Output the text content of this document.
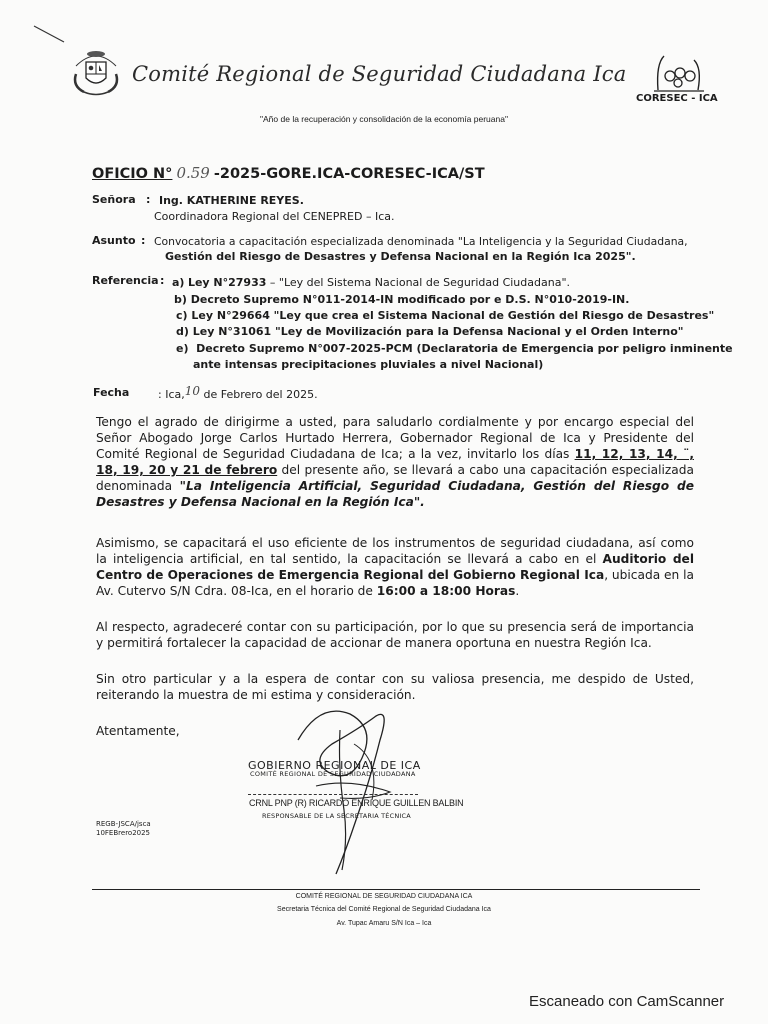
Comité Regional de Seguridad Ciudadana Ica
CORESEC - ICA
"Año de la recuperación y consolidación de la economía peruana"
OFICIO N° 0.59 -2025-GORE.ICA-CORESEC-ICA/ST
Señora : Ing. KATHERINE REYES.
Coordinadora Regional del CENEPRED – Ica.
Asunto : Convocatoria a capacitación especializada denominada "La Inteligencia y la Seguridad Ciudadana,
Gestión del Riesgo de Desastres y Defensa Nacional en la Región Ica 2025".
Referencia : a) Ley N°27933 – "Ley del Sistema Nacional de Seguridad Ciudadana".
b) Decreto Supremo N°011-2014-IN modificado por e D.S. N°010-2019-IN.
c) Ley N°29664 "Ley que crea el Sistema Nacional de Gestión del Riesgo de Desastres"
d) Ley N°31061 "Ley de Movilización para la Defensa Nacional y el Orden Interno"
e) Decreto Supremo N°007-2025-PCM (Declaratoria de Emergencia por peligro inminente
ante intensas precipitaciones pluviales a nivel Nacional)
Fecha	: Ica,10 de Febrero del 2025.
Tengo el agrado de dirigirme a usted, para saludarlo cordialmente y por encargo especial del Señor Abogado Jorge Carlos Hurtado Herrera, Gobernador Regional de Ica y Presidente del Comité Regional de Seguridad Ciudadana de Ica; a la vez, invitarlo los días 11, 12, 13, 14, ¨, 18, 19, 20 y 21 de febrero del presente año, se llevará a cabo una capacitación especializada denominada "La Inteligencia Artificial, Seguridad Ciudadana, Gestión del Riesgo de Desastres y Defensa Nacional en la Región Ica".
Asimismo, se capacitará el uso eficiente de los instrumentos de seguridad ciudadana, así como la inteligencia artificial, en tal sentido, la capacitación se llevará a cabo en el Auditorio del Centro de Operaciones de Emergencia Regional del Gobierno Regional Ica, ubicada en la Av. Cutervo S/N Cdra. 08-Ica, en el horario de 16:00 a 18:00 Horas.
Al respecto, agradeceré contar con su participación, por lo que su presencia será de importancia y permitirá fortalecer la capacidad de accionar de manera oportuna en nuestra Región Ica.
Sin otro particular y a la espera de contar con su valiosa presencia, me despido de Usted, reiterando la muestra de mi estima y consideración.
Atentamente,
GOBIERNO REGIONAL DE ICA
COMITÉ REGIONAL DE SEGURIDAD CIUDADANA
CRNL PNP (R) RICARDO ENRIQUE GUILLEN BALBIN
RESPONSABLE DE LA SECRETARIA TÉCNICA
REGB-JSCA/jsca
10FEBrero2025
COMITÉ REGIONAL DE SEGURIDAD CIUDADANA ICA
Secretaria Técnica del Comité Regional de Seguridad Ciudadana Ica
Av. Tupac Amaru S/N Ica – Ica
Escaneado con CamScanner
